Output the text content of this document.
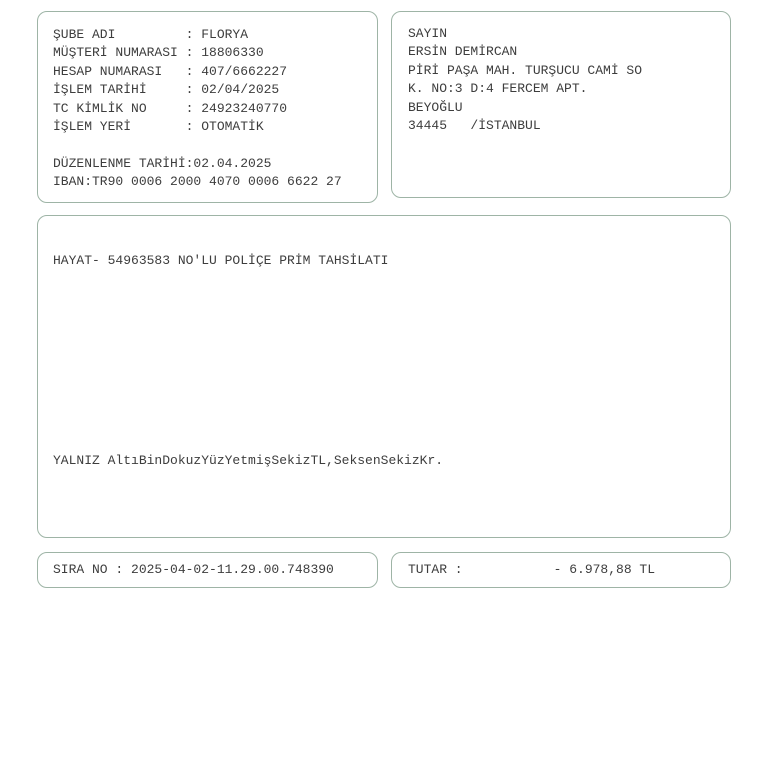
ŞUBE ADI         : FLORYA
MÜŞTERİ NUMARASI : 18806330
HESAP NUMARASI   : 407/6662227
İŞLEM TARİHİ     : 02/04/2025
TC KİMLİK NO     : 24923240770
İŞLEM YERİ       : OTOMATİK
DÜZENLENME TARİHİ:02.04.2025
IBAN:TR90 0006 2000 4070 0006 6622 27
SAYIN
ERSİN DEMİRCAN
PİRİ PAŞA MAH. TURŞUCU CAMİ SO
K. NO:3 D:4 FERCEM APT.
BEYOĞLU
34445   /İSTANBUL
HAYAT- 54963583 NO'LU POLİÇE PRİM TAHSİLATI
YALNIZ AltıBinDokuzYüzYetmişSekizTL,SeksenSekizKr.
SIRA NO : 2025-04-02-11.29.00.748390	TUTAR :	- 6.978,88 TL
